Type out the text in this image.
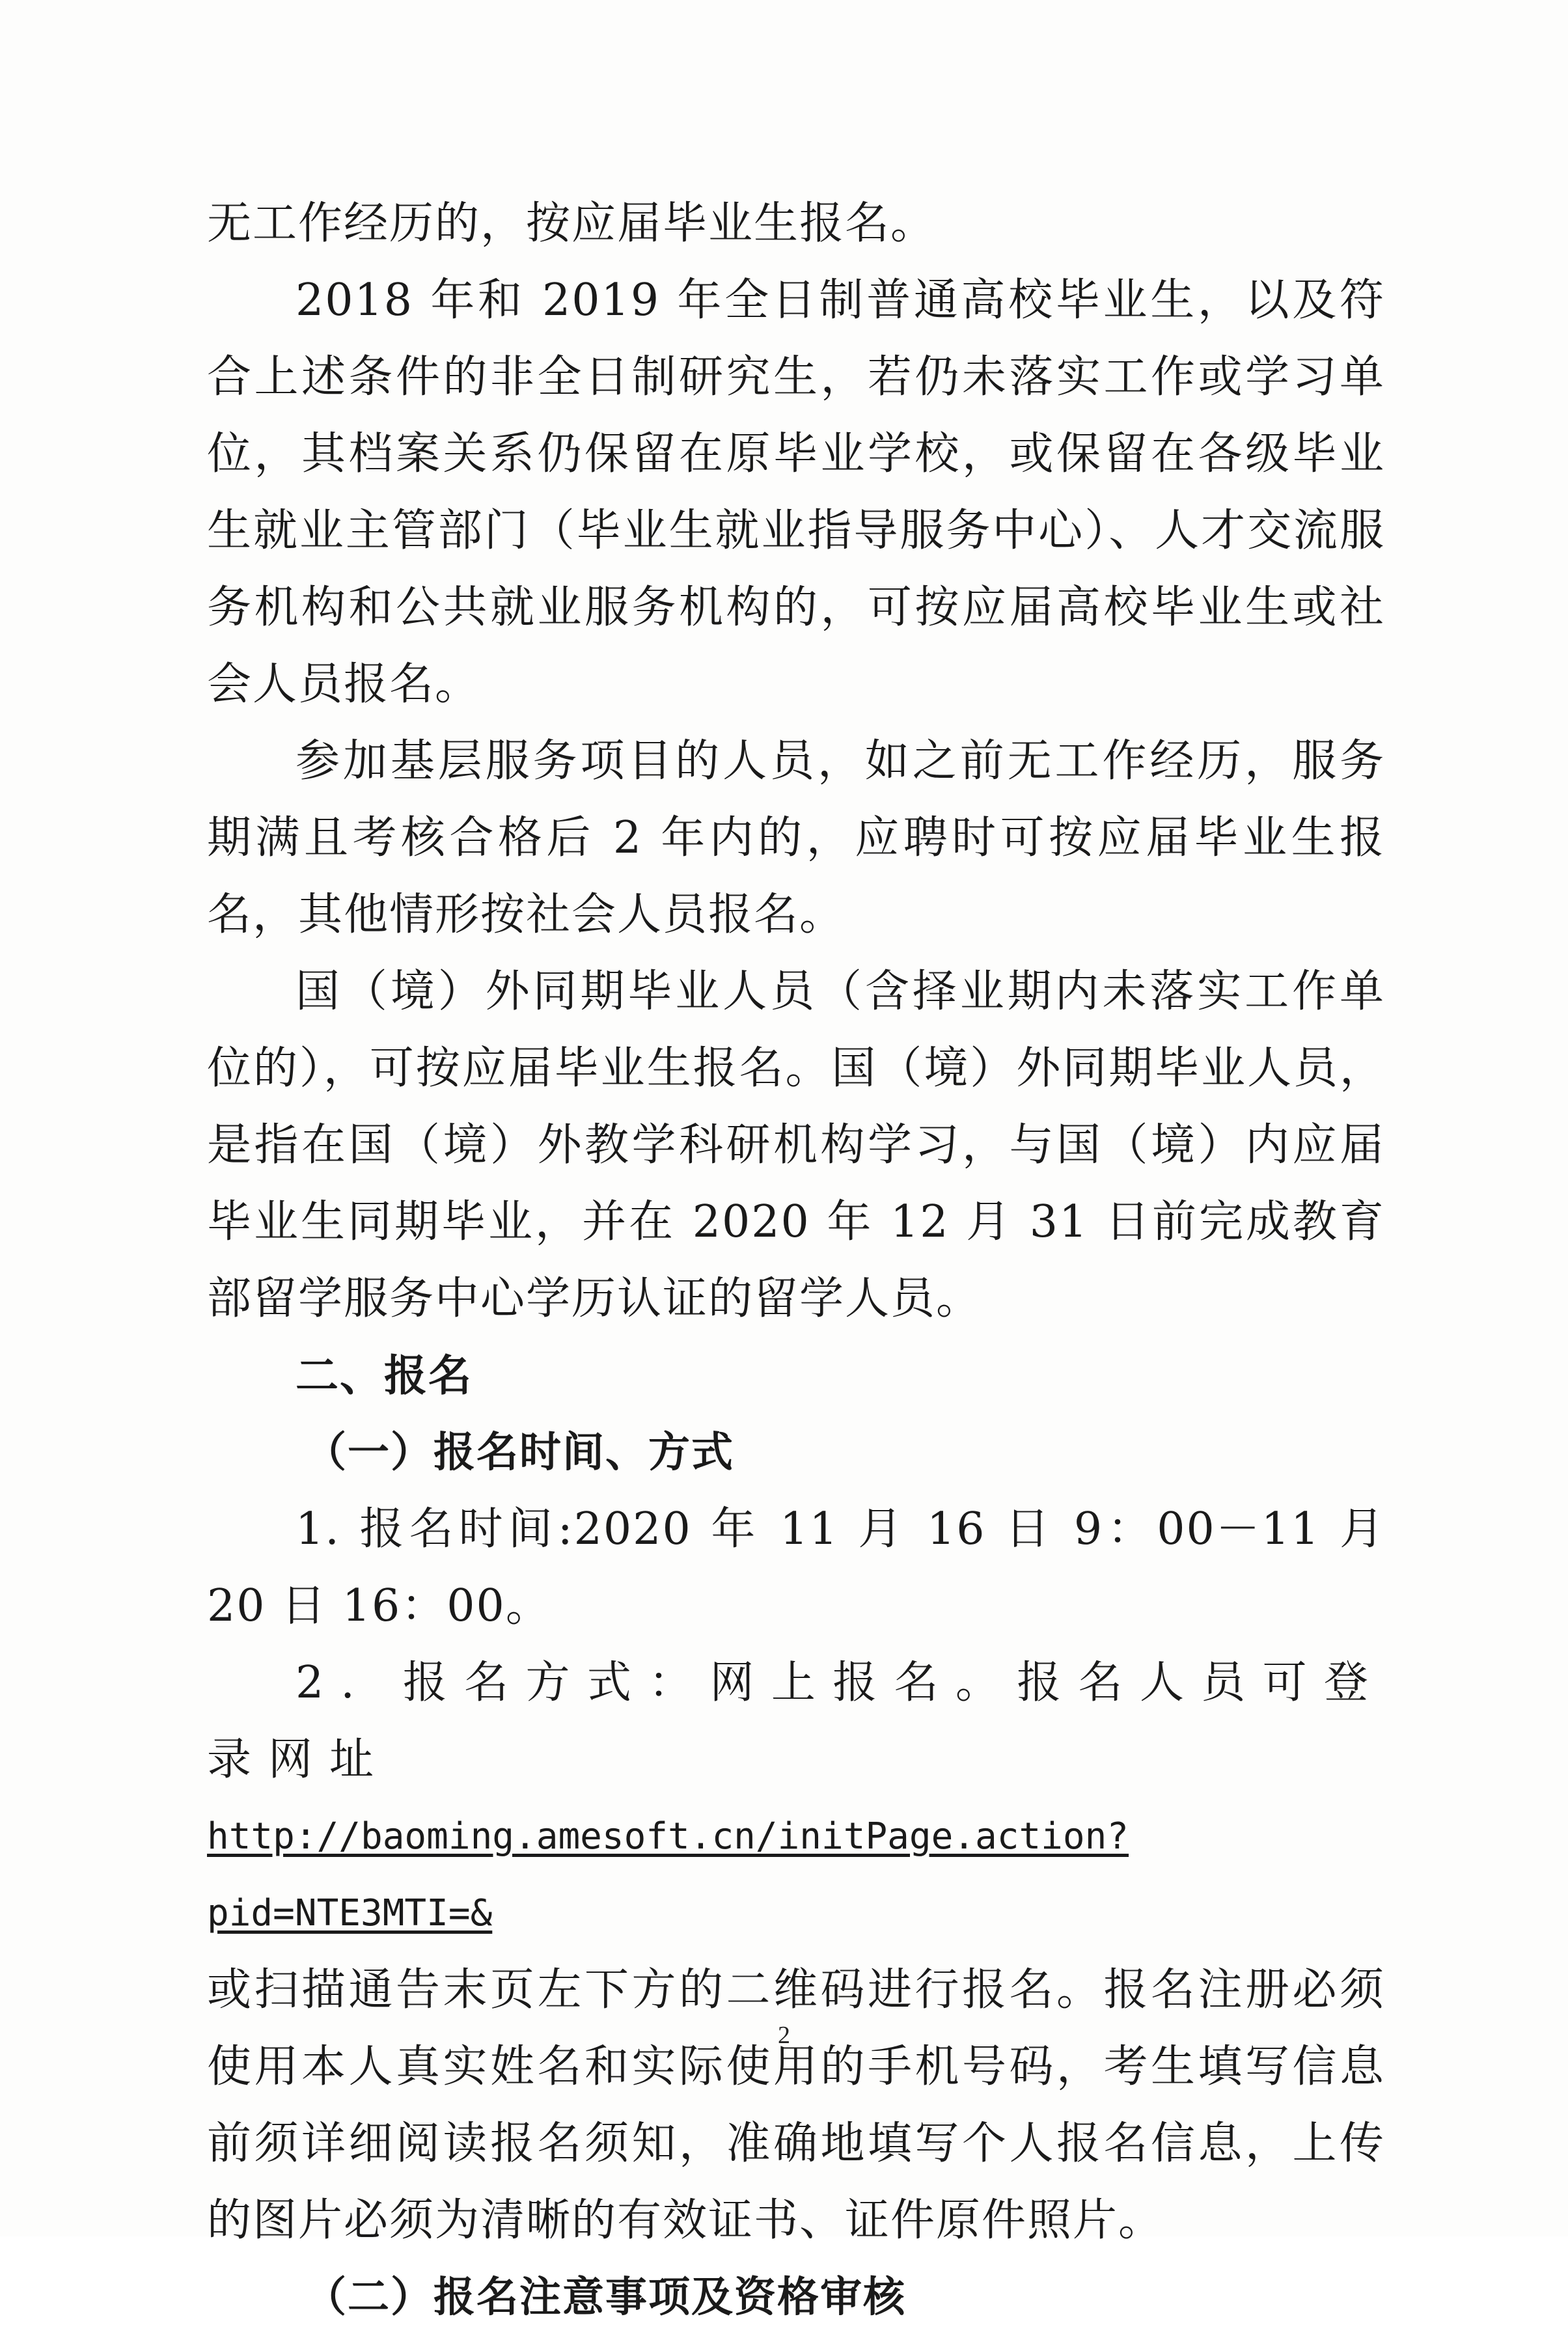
无工作经历的，按应届毕业生报名。

2018 年和 2019 年全日制普通高校毕业生，以及符合上述条件的非全日制研究生，若仍未落实工作或学习单位，其档案关系仍保留在原毕业学校，或保留在各级毕业生就业主管部门（毕业生就业指导服务中心）、人才交流服务机构和公共就业服务机构的，可按应届高校毕业生或社会人员报名。

参加基层服务项目的人员，如之前无工作经历，服务期满且考核合格后 2 年内的，应聘时可按应届毕业生报名，其他情形按社会人员报名。

国（境）外同期毕业人员（含择业期内未落实工作单位的），可按应届毕业生报名。国（境）外同期毕业人员，是指在国（境）外教学科研机构学习，与国（境）内应届毕业生同期毕业，并在 2020 年 12 月 31 日前完成教育部留学服务中心学历认证的留学人员。

二、报名

（一）报名时间、方式

1. 报名时间:2020 年 11 月 16 日 9：00－11 月 20 日 16：00。

2. 报名方式：网上报名。报名人员可登录网址

http://baoming.amesoft.cn/initPage.action?pid=NTE3MTI=&

或扫描通告末页左下方的二维码进行报名。报名注册必须使用本人真实姓名和实际使用的手机号码，考生填写信息前须详细阅读报名须知，准确地填写个人报名信息，上传的图片必须为清晰的有效证书、证件原件照片。

（二）报名注意事项及资格审核

2
